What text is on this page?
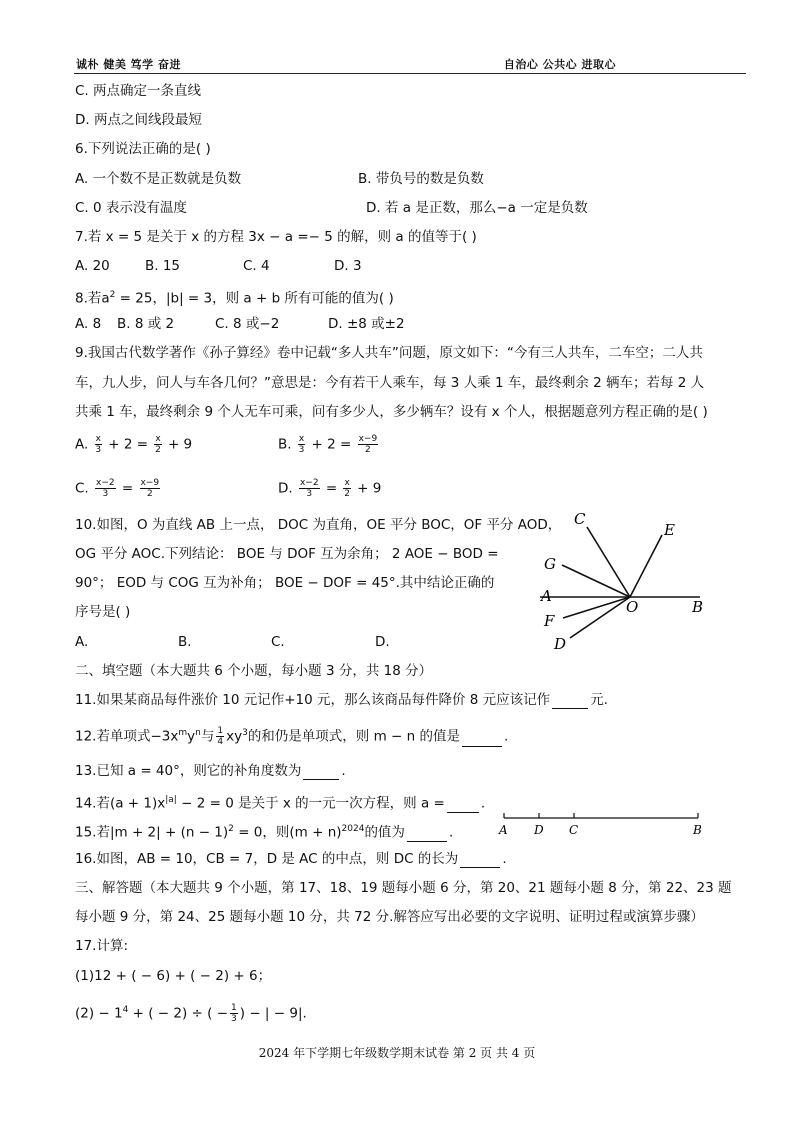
诚朴 健美 笃学 奋进	自治心 公共心 进取心
C. 两点确定一条直线
D. 两点之间线段最短
6.下列说法正确的是( )
A. 一个数不是正数就是负数	B. 带负号的数是负数
C. 0 表示没有温度	D. 若 a 是正数，那么−a 一定是负数
7.若 x = 5 是关于 x 的方程 3x − a =− 5 的解，则 a 的值等于( )
A. 20	B. 15	C. 4	D. 3
8.若$a^2 = 25$，|b| = 3，则 a + b 所有可能的值为( )
A. 8 B. 8 或 2	C. 8 或−2	D. ±8 或±2
9.我国古代数学著作《孙子算经》卷中记载“多人共车”问题，原文如下：“今有三人共车，二车空；二人共
车，九人步，问人与车各几何？”意思是：今有若干人乘车，每 3 人乘 1 车，最终剩余 2 辆车；若每 2 人
共乘 1 车，最终剩余 9 个人无车可乘，问有多少人，多少辆车？设有 x 个人，根据题意列方程正确的是( )
A. $\frac{x}{3} + 2 = \frac{x}{2} + 9$	B. $\frac{x}{3} + 2 = \frac{x-9}{2}$
C. $\frac{x-2}{3} = \frac{x-9}{2}$	D. $\frac{x-2}{3} = \frac{x}{2} + 9$
10.如图，O 为直线 AB 上一点， DOC 为直角，OE 平分 BOC，OF 平分 AOD，
OG 平分 AOC.下列结论： BOE 与 DOF 互为余角； 2 AOE − BOD =
90°； EOD 与 COG 互为补角； BOE − DOF = 45°.其中结论正确的
序号是( )
A.	B.	C.	D.
C
E
G
A
O	B
F
D
二、填空题（本大题共 6 个小题，每小题 3 分，共 18 分）
11.如果某商品每件涨价 10 元记作+10 元，那么该商品每件降价 8 元应该记作	元.
12.若单项式$-3x^my^n$与 $\frac{1}{4} xy^3$的和仍是单项式，则 m − n 的值是	.
13.已知 a = 40°，则它的补角度数为	.
14.若$(a + 1)x^{|a|} - 2 = 0$ 是关于 x 的一元一次方程，则 a =	.
15.若$|m + 2| + (n - 1)^2 = 0$，则$(m + n)^{2024}$的值为	.	A D C	B
16.如图，AB = 10，CB = 7，D 是 AC 的中点，则 DC 的长为	.
三、解答题（本大题共 9 个小题，第 17、18、19 题每小题 6 分，第 20、21 题每小题 8 分，第 22、23 题
每小题 9 分，第 24、25 题每小题 10 分，共 72 分.解答应写出必要的文字说明、证明过程或演算步骤）
17.计算:
(1)12 + ( − 6) + ( − 2) + 6；
$(2) - 1^4$ + ( − 2) ÷ ( − $\frac{1}{3}$ ) − | − 9|.
2024 年下学期七年级数学期末试卷 第 2 页 共 4 页
